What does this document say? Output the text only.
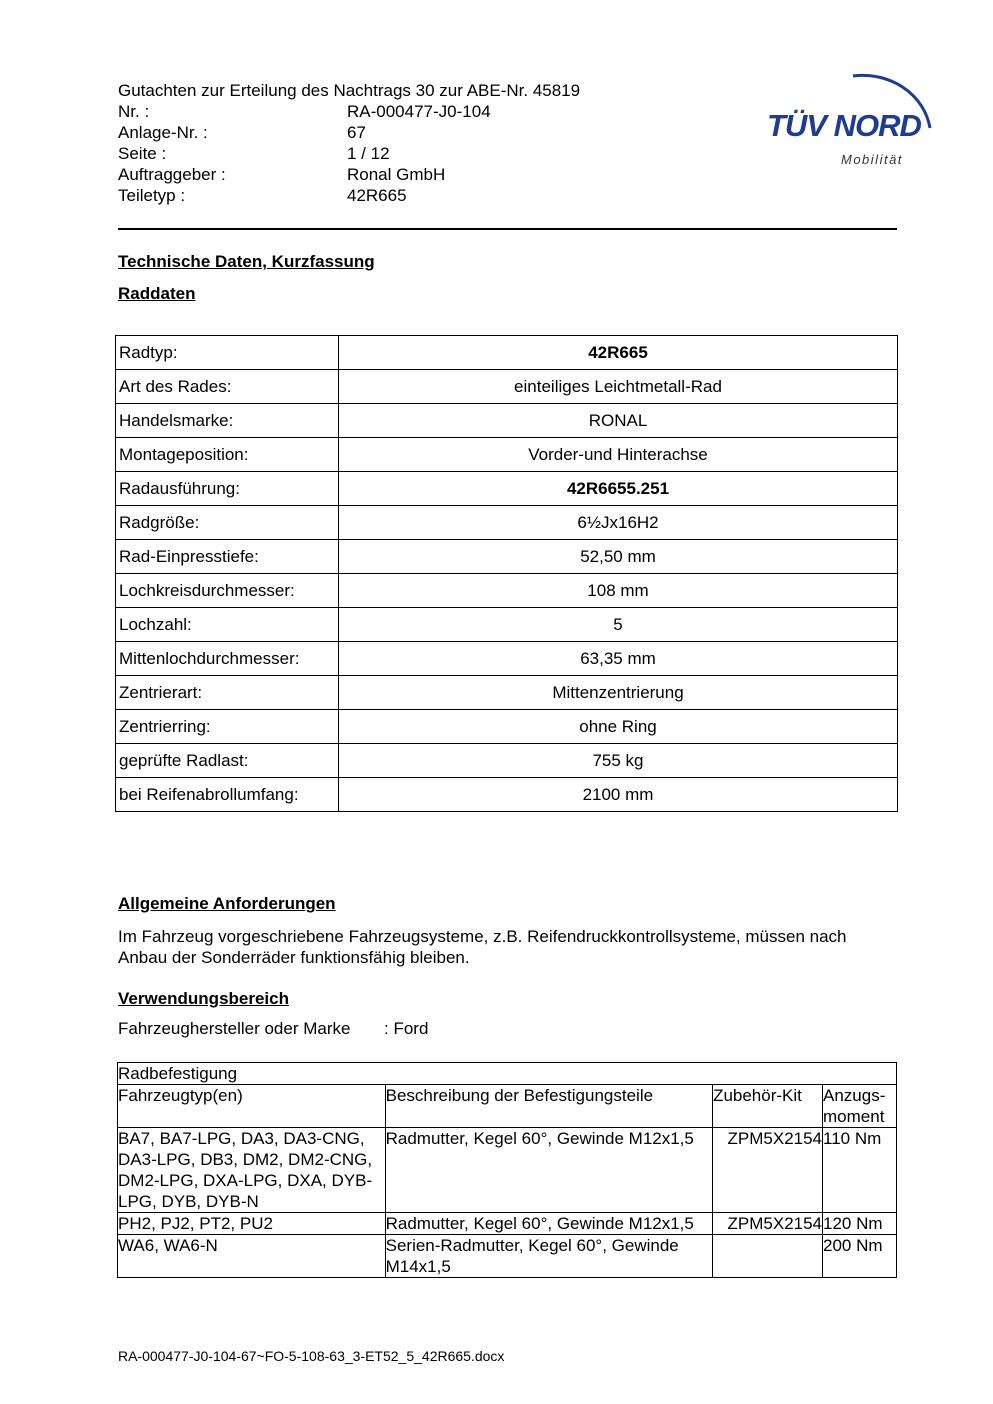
Gutachten zur Erteilung des Nachtrags 30 zur ABE-Nr. 45819
Nr. :	RA-000477-J0-104
Anlage-Nr. :	67
Seite :	1 / 12
Auftraggeber :	Ronal GmbH
Teiletyp :	42R665
TÜV NORD
Mobilität
Technische Daten, Kurzfassung
Raddaten
Radtyp:	42R665
Art des Rades:	einteiliges Leichtmetall-Rad
Handelsmarke:	RONAL
Montageposition:	Vorder-und Hinterachse
Radausführung:	42R6655.251
Radgröße:	6½Jx16H2
Rad-Einpresstiefe:	52,50 mm
Lochkreisdurchmesser:	108 mm
Lochzahl:	5
Mittenlochdurchmesser:	63,35 mm
Zentrierart:	Mittenzentrierung
Zentrierring:	ohne Ring
geprüfte Radlast:	755 kg
bei Reifenabrollumfang:	2100 mm
Allgemeine Anforderungen
Im Fahrzeug vorgeschriebene Fahrzeugsysteme, z.B. Reifendruckkontrollsysteme, müssen nach Anbau der Sonderräder funktionsfähig bleiben.
Verwendungsbereich
Fahrzeughersteller oder Marke	: Ford
Radbefestigung			
Fahrzeugtyp(en)	Beschreibung der Befestigungsteile	Zubehör-Kit	Anzugs-moment
BA7, BA7-LPG, DA3, DA3-CNG, DA3-LPG, DB3, DM2, DM2-CNG, DM2-LPG, DXA-LPG, DXA, DYB-LPG, DYB, DYB-N	Radmutter, Kegel 60°, Gewinde M12x1,5	ZPM5X2154	110 Nm
PH2, PJ2, PT2, PU2	Radmutter, Kegel 60°, Gewinde M12x1,5	ZPM5X2154	120 Nm
WA6, WA6-N	Serien-Radmutter, Kegel 60°, Gewinde M14x1,5		200 Nm
RA-000477-J0-104-67~FO-5-108-63_3-ET52_5_42R665.docx
